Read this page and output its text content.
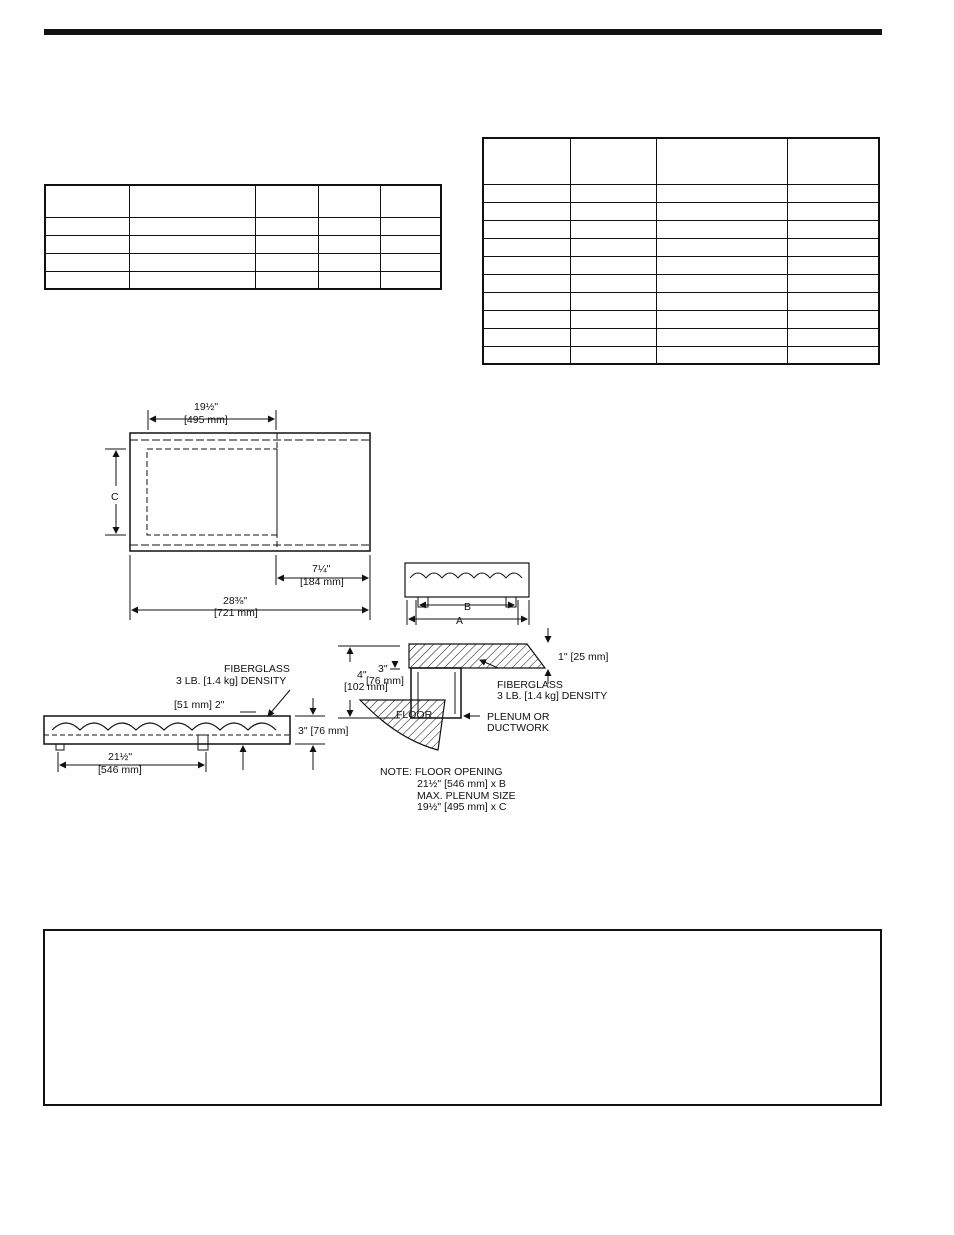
19½"
[495 mm]
C
7¼"
[184 mm]
28⅜"
[721 mm]
FIBERGLASS
3 LB. [1.4 kg] DENSITY
[51 mm] 2"
3" [76 mm]
21½"
[546 mm]
B
A
1" [25 mm]
4"
[102 mm]
3"
[76 mm]
FLOOR	PLENUM OR
DUCTWORK
FIBERGLASS
3 LB. [1.4 kg] DENSITY
NOTE: FLOOR OPENING
21½" [546 mm] x B
MAX. PLENUM SIZE
19½" [495 mm] x C
